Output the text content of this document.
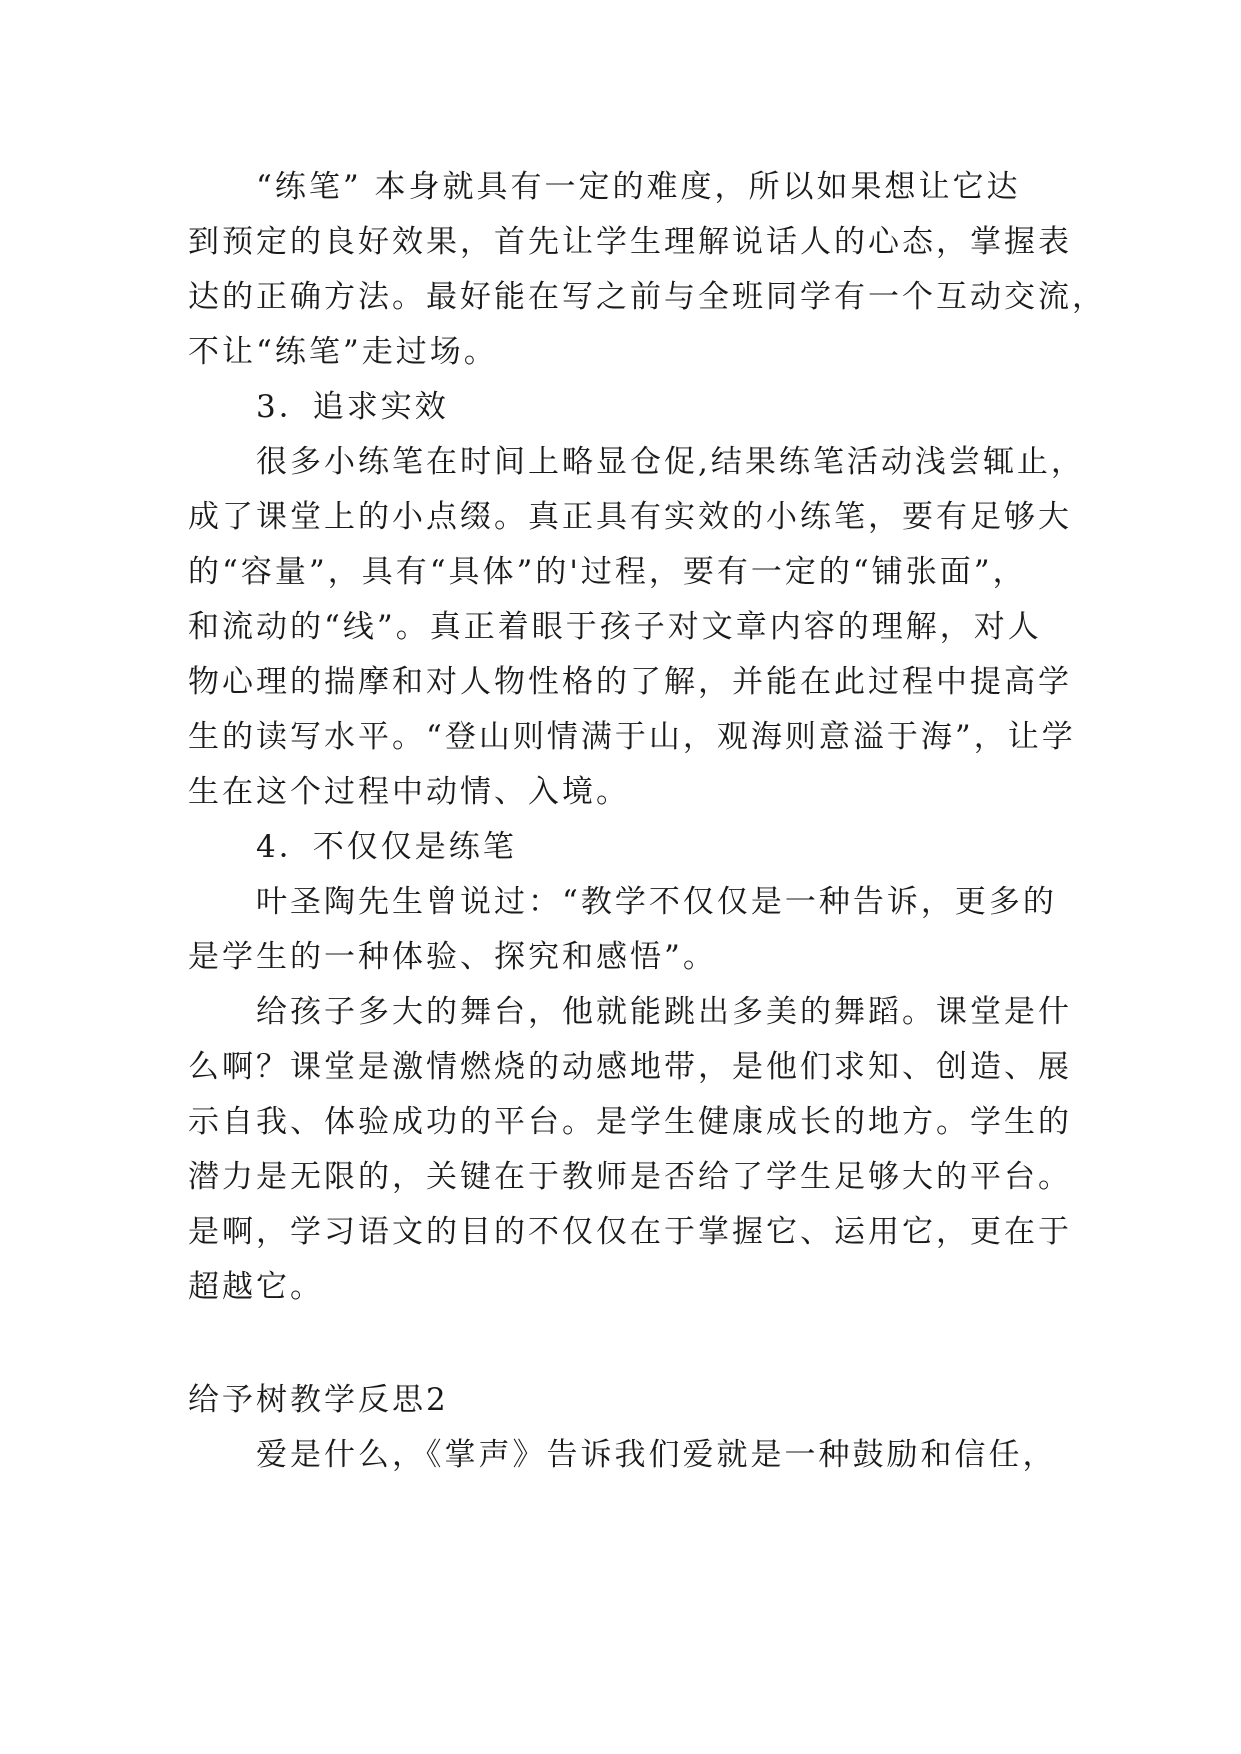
“练笔” 本身就具有一定的难度，所以如果想让它达
到预定的良好效果，首先让学生理解说话人的心态，掌握表
达的正确方法。最好能在写之前与全班同学有一个互动交流，
不让“练笔”走过场。
3．追求实效
很多小练笔在时间上略显仓促,结果练笔活动浅尝辄止，
成了课堂上的小点缀。真正具有实效的小练笔，要有足够大
的“容量”，具有“具体”的'过程，要有一定的“铺张面”，
和流动的“线”。真正着眼于孩子对文章内容的理解，对人
物心理的揣摩和对人物性格的了解，并能在此过程中提高学
生的读写水平。“登山则情满于山，观海则意溢于海”，让学
生在这个过程中动情、入境。
4．不仅仅是练笔
叶圣陶先生曾说过：“教学不仅仅是一种告诉，更多的
是学生的一种体验、探究和感悟”。
给孩子多大的舞台，他就能跳出多美的舞蹈。课堂是什
么啊？课堂是激情燃烧的动感地带，是他们求知、创造、展
示自我、体验成功的平台。是学生健康成长的地方。学生的
潜力是无限的，关键在于教师是否给了学生足够大的平台。
是啊，学习语文的目的不仅仅在于掌握它、运用它，更在于
超越它。
给予树教学反思2
爱是什么，《掌声》告诉我们爱就是一种鼓励和信任，
